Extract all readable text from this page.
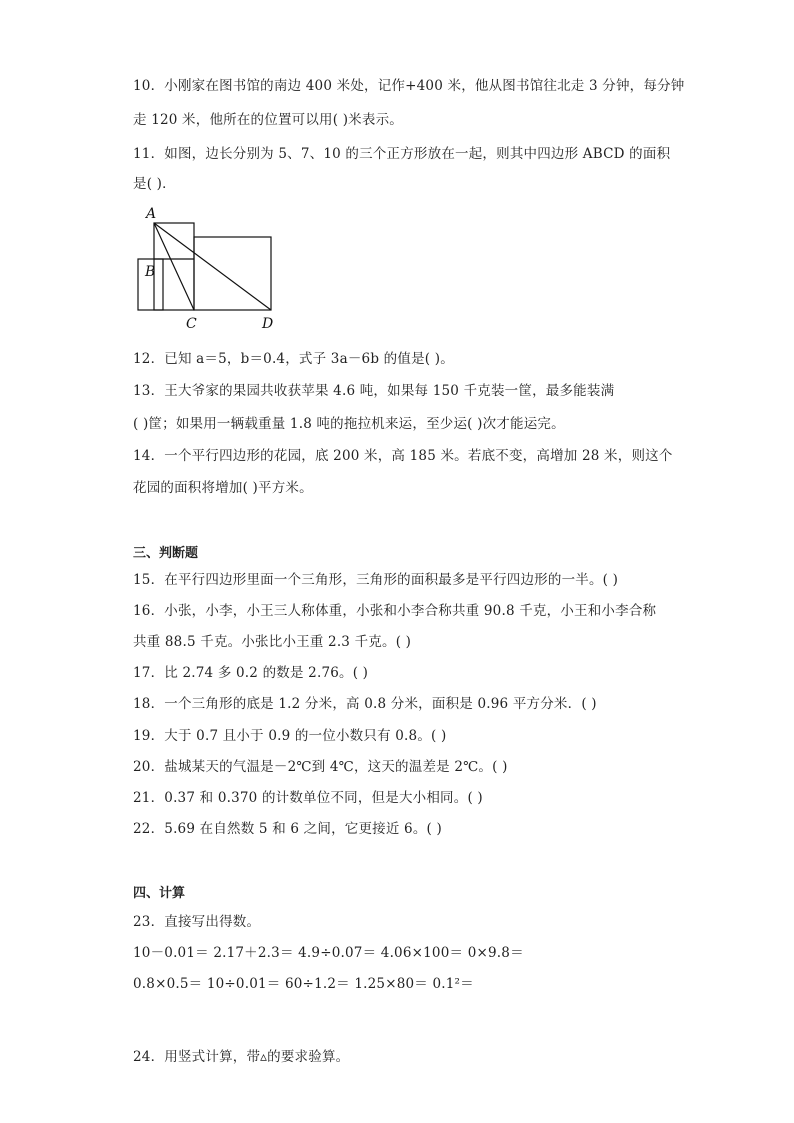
10．小刚家在图书馆的南边 400 米处，记作+400 米，他从图书馆往北走 3 分钟，每分钟
走 120 米，他所在的位置可以用( )米表示。
11．如图，边长分别为 5、7、10 的三个正方形放在一起，则其中四边形 ABCD 的面积
是( )．
A
B
C	D
12．已知 a＝5，b＝0.4，式子 3a－6b 的值是( )。
13．王大爷家的果园共收获苹果 4.6 吨，如果每 150 千克装一筐，最多能装满
( )筐；如果用一辆载重量 1.8 吨的拖拉机来运，至少运( )次才能运完。
14．一个平行四边形的花园，底 200 米，高 185 米。若底不变，高增加 28 米，则这个
花园的面积将增加( )平方米。
三、判断题
15．在平行四边形里面一个三角形，三角形的面积最多是平行四边形的一半。( )
16．小张，小李，小王三人称体重，小张和小李合称共重 90.8 千克，小王和小李合称
共重 88.5 千克。小张比小王重 2.3 千克。( )
17．比 2.74 多 0.2 的数是 2.76。( )
18．一个三角形的底是 1.2 分米，高 0.8 分米，面积是 0.96 平方分米．( )
19．大于 0.7 且小于 0.9 的一位小数只有 0.8。( )
20．盐城某天的气温是－2℃到 4℃，这天的温差是 2℃。( )
21．0.37 和 0.370 的计数单位不同，但是大小相同。( )
22．5.69 在自然数 5 和 6 之间，它更接近 6。( )
四、计算
23．直接写出得数。
10－0.01＝ 2.17＋2.3＝ 4.9÷0.07＝ 4.06×100＝ 0×9.8＝
0.8×0.5＝ 10÷0.01＝ 60÷1.2＝ 1.25×80＝ 0.1²＝
24．用竖式计算，带▵的要求验算。
